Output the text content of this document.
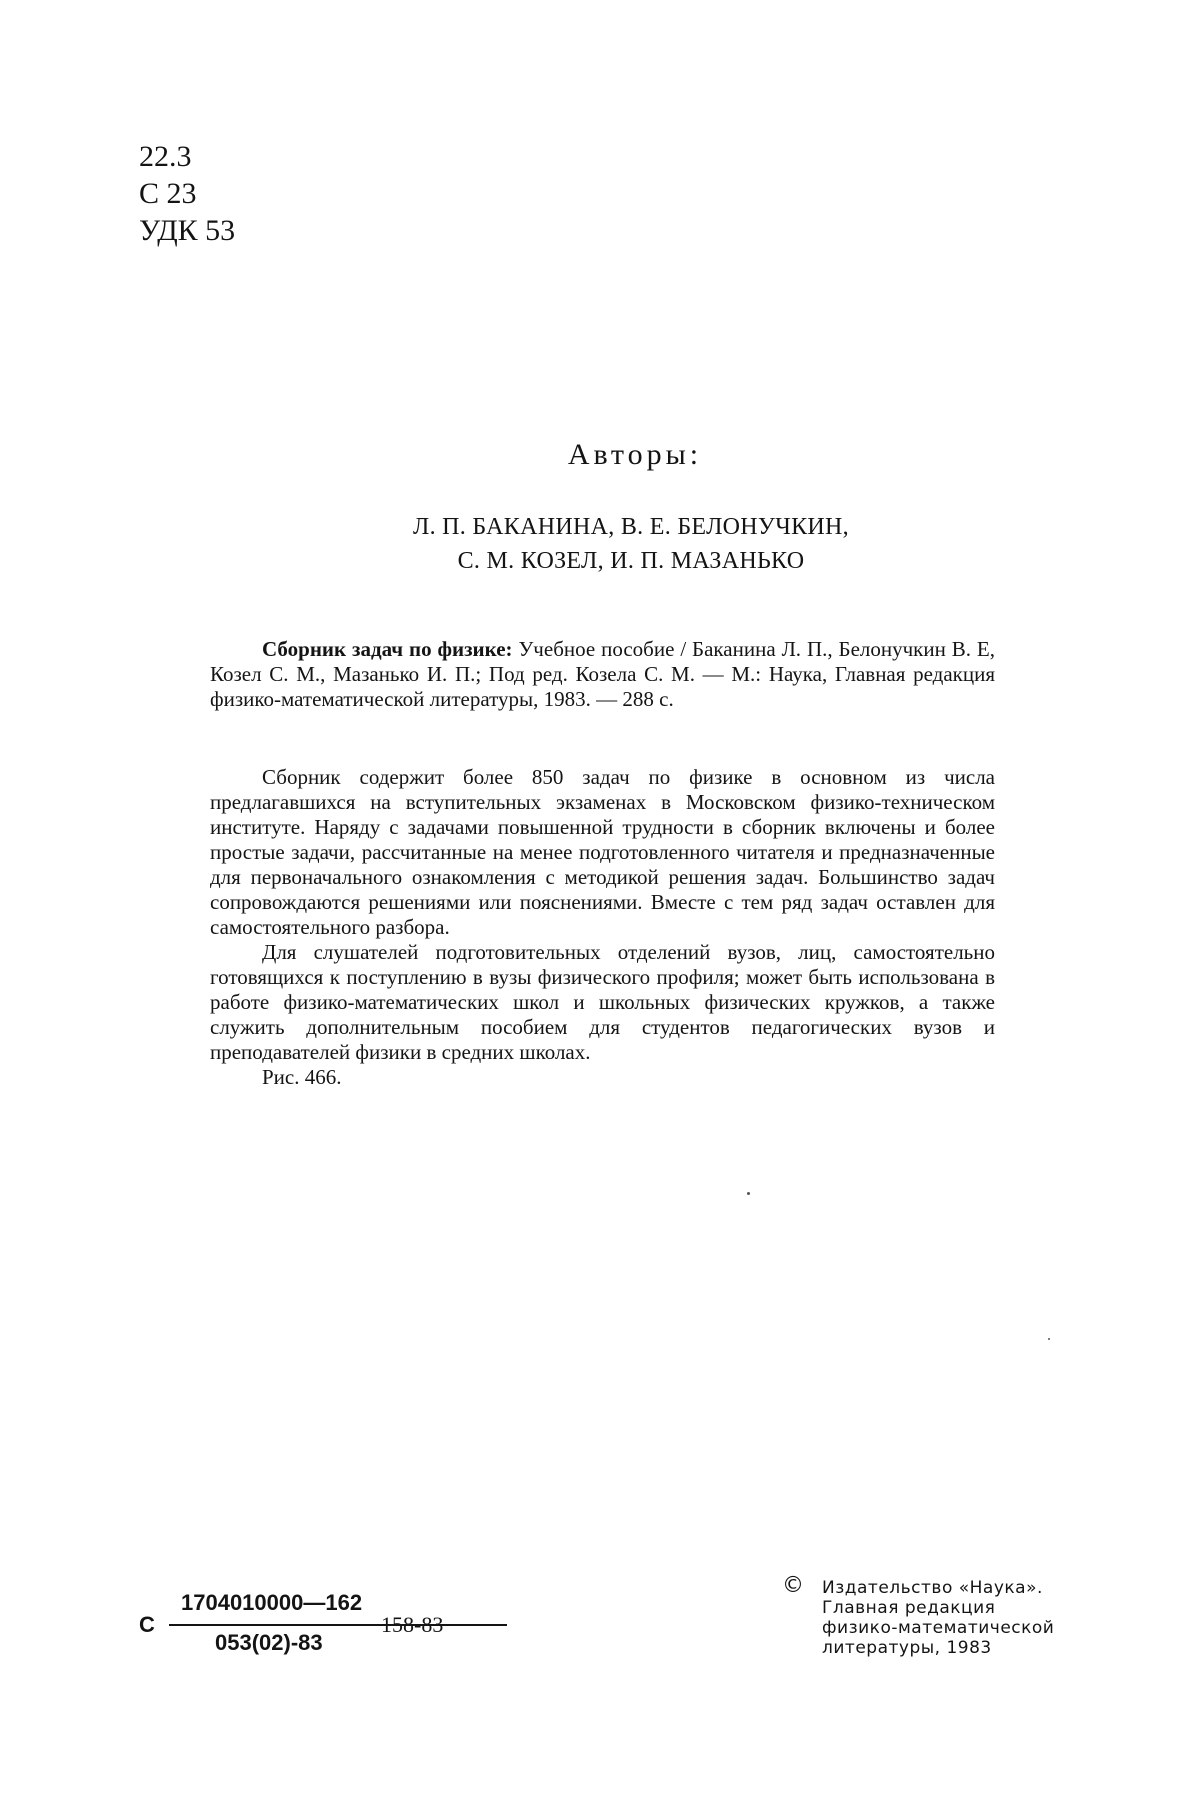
22.3
С 23
УДК 53
Авторы:
Л. П. БАКАНИНА, В. Е. БЕЛОНУЧКИН,
С. М. КОЗЕЛ, И. П. МАЗАНЬКО
Сборник задач по физике: Учебное пособие / Баканина Л. П., Белонучкин В. Е, Козел С. М., Мазанько И. П.; Под ред. Козела С. М. — М.: Наука, Главная редакция физико-математической литературы, 1983. — 288 с.

Сборник содержит более 850 задач по физике в основном из числа предлагавшихся на вступительных экзаменах в Московском физико-техническом институте. Наряду с задачами повышенной трудности в сборник включены и более простые задачи, рассчитанные на менее подготовленного читателя и предназначенные для первоначального ознакомления с методикой решения задач. Большинство задач сопровождаются решениями или пояснениями. Вместе с тем ряд задач оставлен для самостоятельного разбора.

Для слушателей подготовительных отделений вузов, лиц, самостоятельно готовящихся к поступлению в вузы физического профиля; может быть использована в работе физико-математических школ и школьных физических кружков, а также служить дополнительным пособием для студентов педагогических вузов и преподавателей физики в средних школах.

Рис. 466.

С
1704010000—162
053(02)-83
158-83
© Издательство «Наука».
Главная редакция
физико-математической
литературы, 1983
